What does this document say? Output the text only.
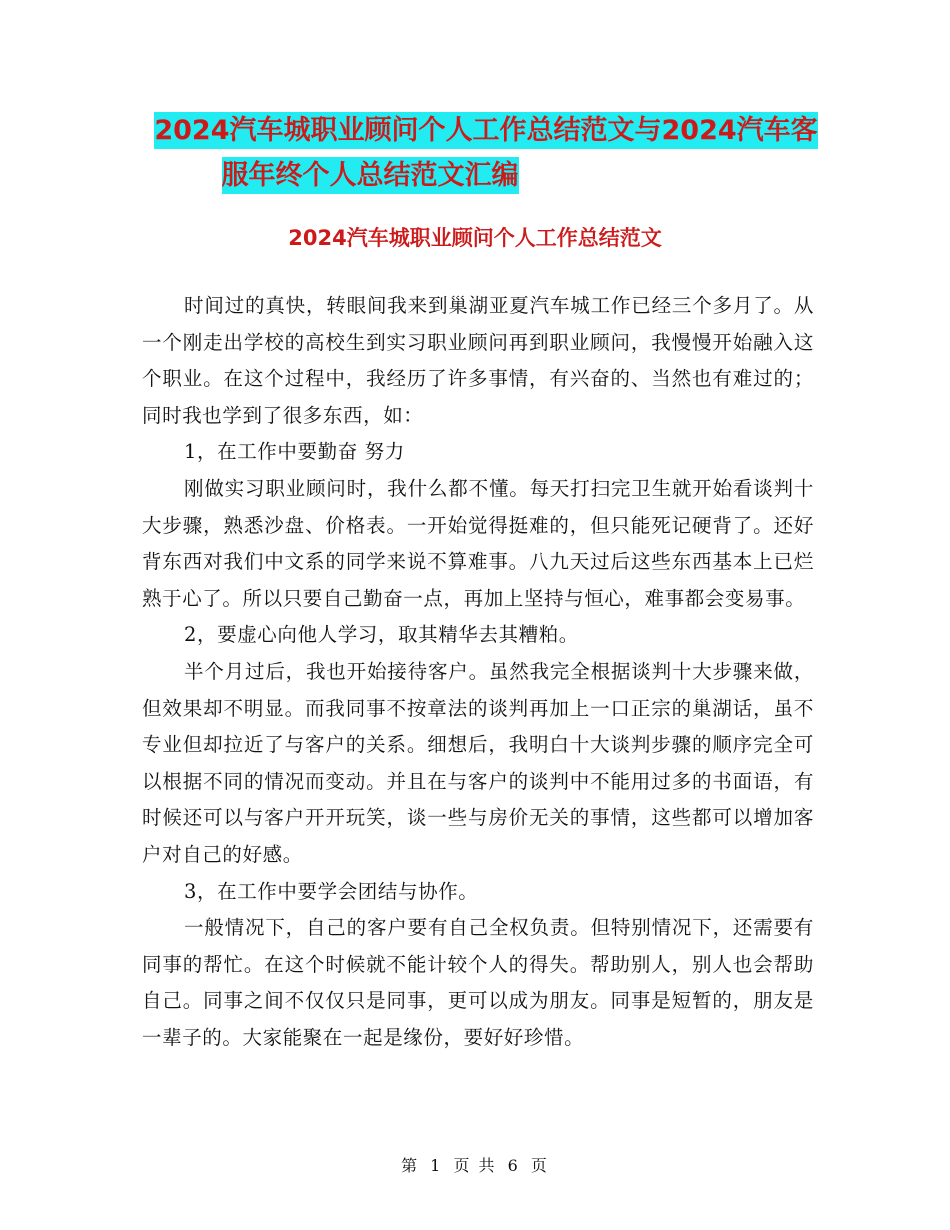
2024汽车城职业顾问个人工作总结范文与2024汽车客
服年终个人总结范文汇编
2024汽车城职业顾问个人工作总结范文

时间过的真快，转眼间我来到巢湖亚夏汽车城工作已经三个多月了。从一个刚走出学校的高校生到实习职业顾问再到职业顾问，我慢慢开始融入这个职业。在这个过程中，我经历了许多事情，有兴奋的、当然也有难过的；同时我也学到了很多东西，如：

1，在工作中要勤奋 努力

刚做实习职业顾问时，我什么都不懂。每天打扫完卫生就开始看谈判十大步骤，熟悉沙盘、价格表。一开始觉得挺难的，但只能死记硬背了。还好背东西对我们中文系的同学来说不算难事。八九天过后这些东西基本上已烂熟于心了。所以只要自己勤奋一点，再加上坚持与恒心，难事都会变易事。

2，要虚心向他人学习，取其精华去其糟粕。

半个月过后，我也开始接待客户。虽然我完全根据谈判十大步骤来做，但效果却不明显。而我同事不按章法的谈判再加上一口正宗的巢湖话，虽不专业但却拉近了与客户的关系。细想后，我明白十大谈判步骤的顺序完全可以根据不同的情况而变动。并且在与客户的谈判中不能用过多的书面语，有时候还可以与客户开开玩笑，谈一些与房价无关的事情，这些都可以增加客户对自己的好感。

3，在工作中要学会团结与协作。

一般情况下，自己的客户要有自己全权负责。但特别情况下，还需要有同事的帮忙。在这个时候就不能计较个人的得失。帮助别人，别人也会帮助自己。同事之间不仅仅只是同事，更可以成为朋友。同事是短暂的，朋友是一辈子的。大家能聚在一起是缘份，要好好珍惜。

第 1 页 共 6 页
